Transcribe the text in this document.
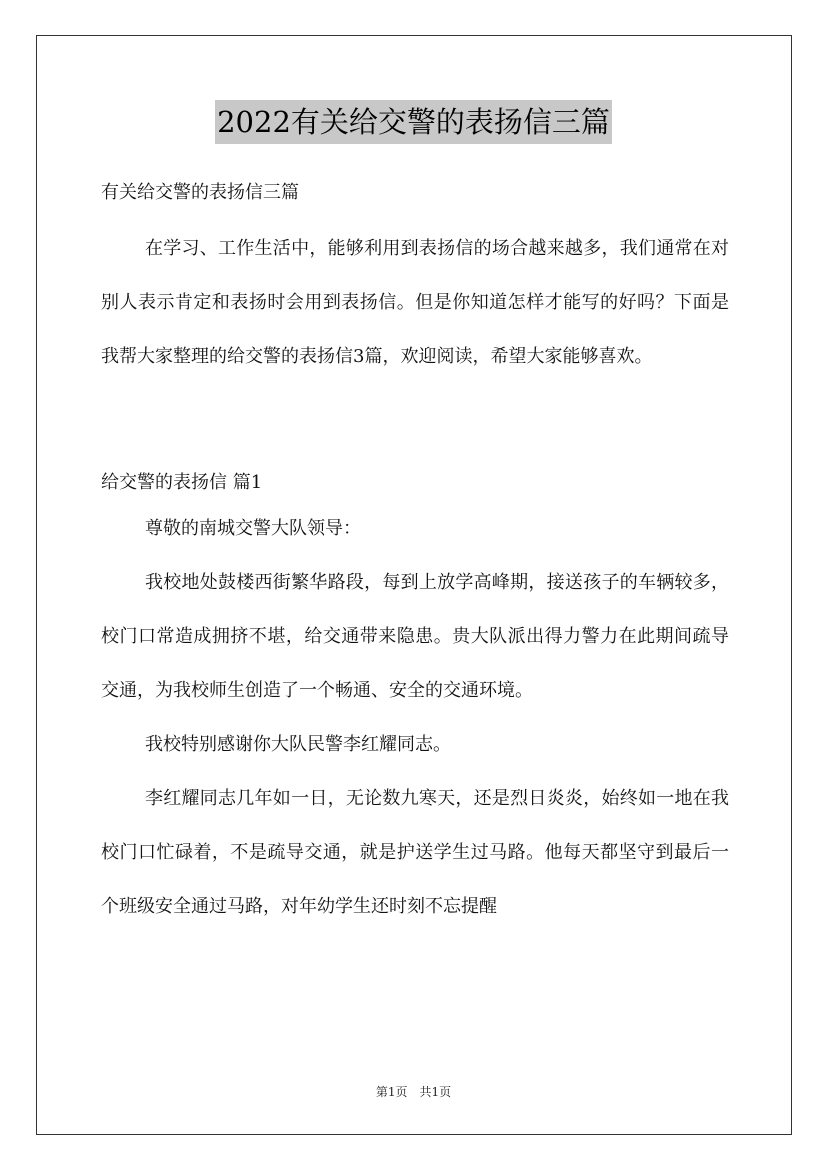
2022有关给交警的表扬信三篇
有关给交警的表扬信三篇
在学习、工作生活中，能够利用到表扬信的场合越来越多，我们通常在对别人表示肯定和表扬时会用到表扬信。但是你知道怎样才能写的好吗？下面是我帮大家整理的给交警的表扬信3篇，欢迎阅读，希望大家能够喜欢。
给交警的表扬信 篇1
尊敬的南城交警大队领导：
我校地处鼓楼西街繁华路段，每到上放学高峰期，接送孩子的车辆较多，校门口常造成拥挤不堪，给交通带来隐患。贵大队派出得力警力在此期间疏导交通，为我校师生创造了一个畅通、安全的交通环境。
我校特别感谢你大队民警李红耀同志。
李红耀同志几年如一日，无论数九寒天，还是烈日炎炎，始终如一地在我校门口忙碌着，不是疏导交通，就是护送学生过马路。他每天都坚守到最后一个班级安全通过马路，对年幼学生还时刻不忘提醒
第1页　共1页
